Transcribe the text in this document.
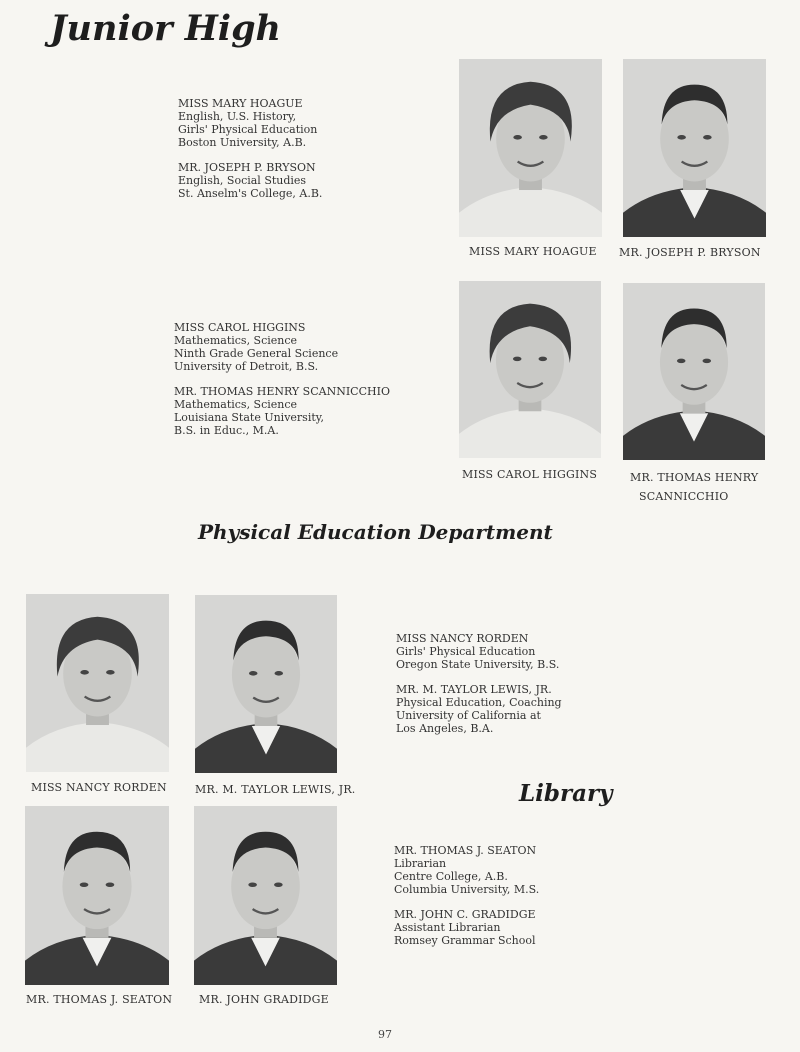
Junior High
Physical Education Department
Library
MISS MARY HOAGUE
English, U.S. History,
Girls' Physical Education
Boston University, A.B.
MR. JOSEPH P. BRYSON
English, Social Studies
St. Anselm's College, A.B.
MISS CAROL HIGGINS
Mathematics, Science
Ninth Grade General Science
University of Detroit, B.S.
MR. THOMAS HENRY SCANNICCHIO
Mathematics, Science
Louisiana State University,
B.S. in Educ., M.A.
MISS NANCY RORDEN
Girls' Physical Education
Oregon State University, B.S.
MR. M. TAYLOR LEWIS, JR.
Physical Education, Coaching
University of California at
Los Angeles, B.A.
MR. THOMAS J. SEATON
Librarian
Centre College, A.B.
Columbia University, M.S.
MR. JOHN C. GRADIDGE
Assistant Librarian
Romsey Grammar School
MISS MARY HOAGUE MR. JOSEPH P. BRYSON
MISS CAROL HIGGINS	MR. THOMAS HENRY
SCANNICCHIO
MISS NANCY RORDEN	MR. M. TAYLOR LEWIS, JR.
MR. THOMAS J. SEATON MR. JOHN GRADIDGE
97
